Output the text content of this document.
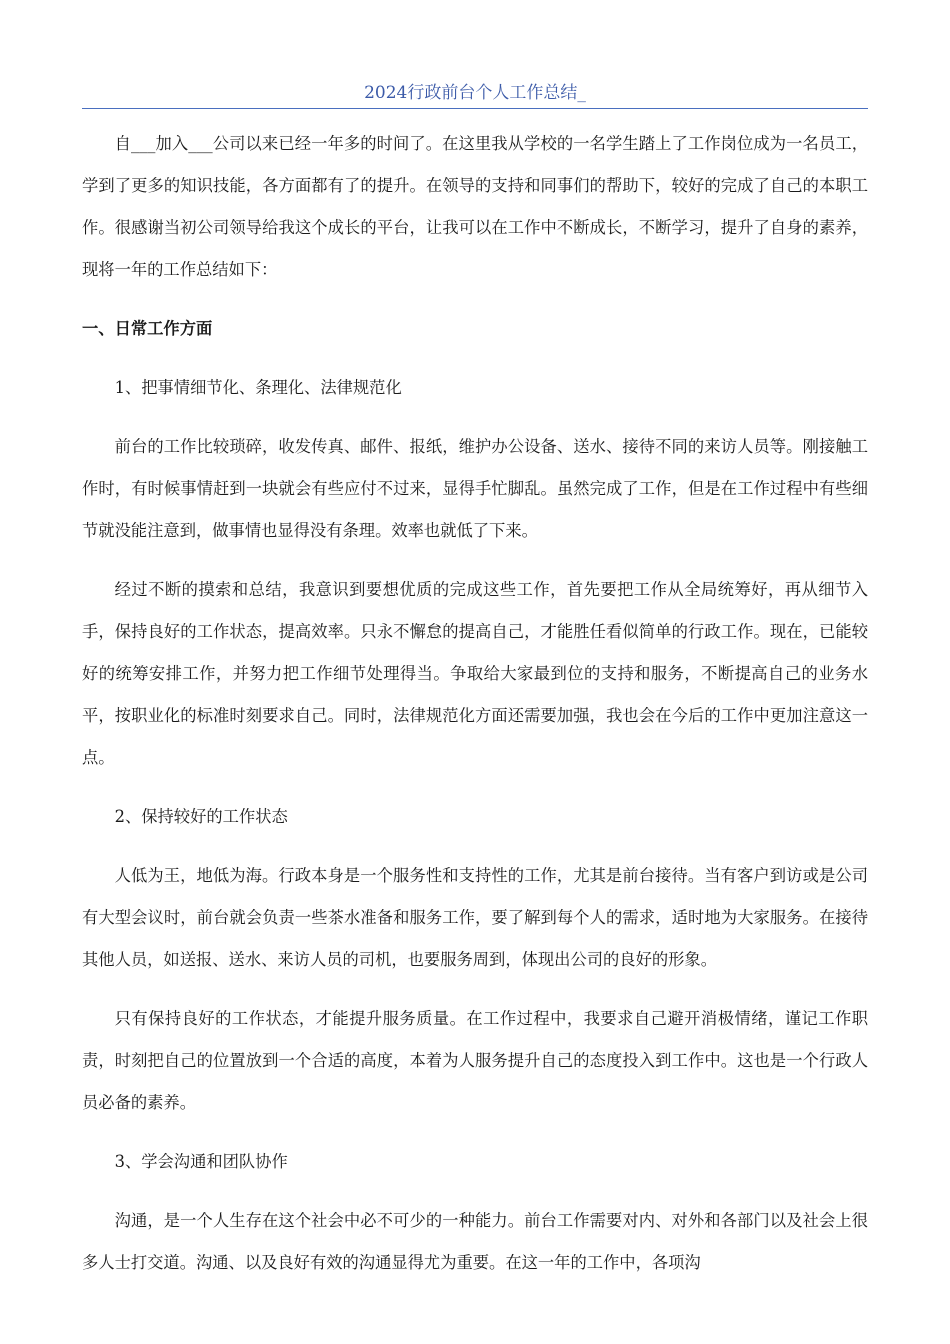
2024行政前台个人工作总结_

自___加入___公司以来已经一年多的时间了。在这里我从学校的一名学生踏上了工作岗位成为一名员工，学到了更多的知识技能，各方面都有了的提升。在领导的支持和同事们的帮助下，较好的完成了自己的本职工作。很感谢当初公司领导给我这个成长的平台，让我可以在工作中不断成长，不断学习，提升了自身的素养，现将一年的工作总结如下：

一、日常工作方面

1、把事情细节化、条理化、法律规范化

前台的工作比较琐碎，收发传真、邮件、报纸，维护办公设备、送水、接待不同的来访人员等。刚接触工作时，有时候事情赶到一块就会有些应付不过来，显得手忙脚乱。虽然完成了工作，但是在工作过程中有些细节就没能注意到，做事情也显得没有条理。效率也就低了下来。

经过不断的摸索和总结，我意识到要想优质的完成这些工作，首先要把工作从全局统筹好，再从细节入手，保持良好的工作状态，提高效率。只永不懈怠的提高自己，才能胜任看似简单的行政工作。现在，已能较好的统筹安排工作，并努力把工作细节处理得当。争取给大家最到位的支持和服务，不断提高自己的业务水平，按职业化的标准时刻要求自己。同时，法律规范化方面还需要加强，我也会在今后的工作中更加注意这一点。

2、保持较好的工作状态

人低为王，地低为海。行政本身是一个服务性和支持性的工作，尤其是前台接待。当有客户到访或是公司有大型会议时，前台就会负责一些茶水准备和服务工作，要了解到每个人的需求，适时地为大家服务。在接待其他人员，如送报、送水、来访人员的司机，也要服务周到，体现出公司的良好的形象。

只有保持良好的工作状态，才能提升服务质量。在工作过程中，我要求自己避开消极情绪，谨记工作职责，时刻把自己的位置放到一个合适的高度，本着为人服务提升自己的态度投入到工作中。这也是一个行政人员必备的素养。

3、学会沟通和团队协作

沟通，是一个人生存在这个社会中必不可少的一种能力。前台工作需要对内、对外和各部门以及社会上很多人士打交道。沟通、以及良好有效的沟通显得尤为重要。在这一年的工作中，各项沟
